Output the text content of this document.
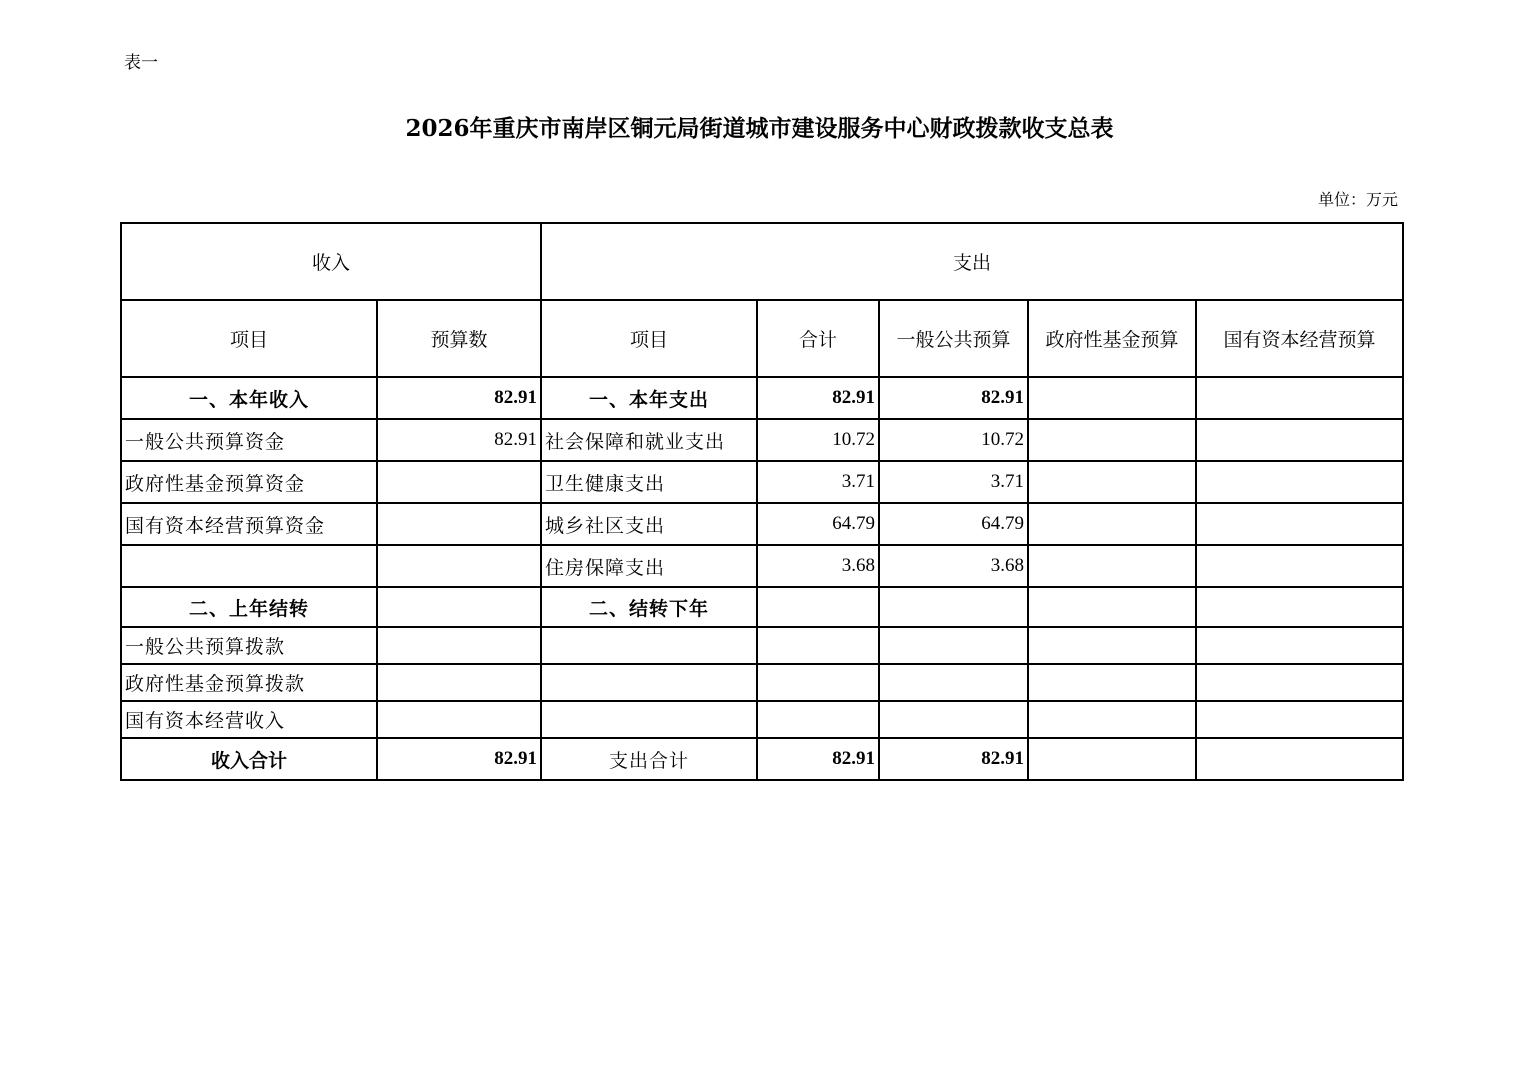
表一
2026年重庆市南岸区铜元局街道城市建设服务中心财政拨款收支总表
单位：万元
收入		支出				
项目	预算数	项目	合计	一般公共预算	政府性基金预算	国有资本经营预算
一、本年收入	82.91	一、本年支出	82.91	82.91		
一般公共预算资金	82.91	社会保障和就业支出	10.72	10.72		
政府性基金预算资金		卫生健康支出	3.71	3.71		
国有资本经营预算资金		城乡社区支出	64.79	64.79		
		住房保障支出	3.68	3.68		
二、上年结转		二、结转下年				
一般公共预算拨款						
政府性基金预算拨款						
国有资本经营收入						
收入合计	82.91	支出合计	82.91	82.91		
